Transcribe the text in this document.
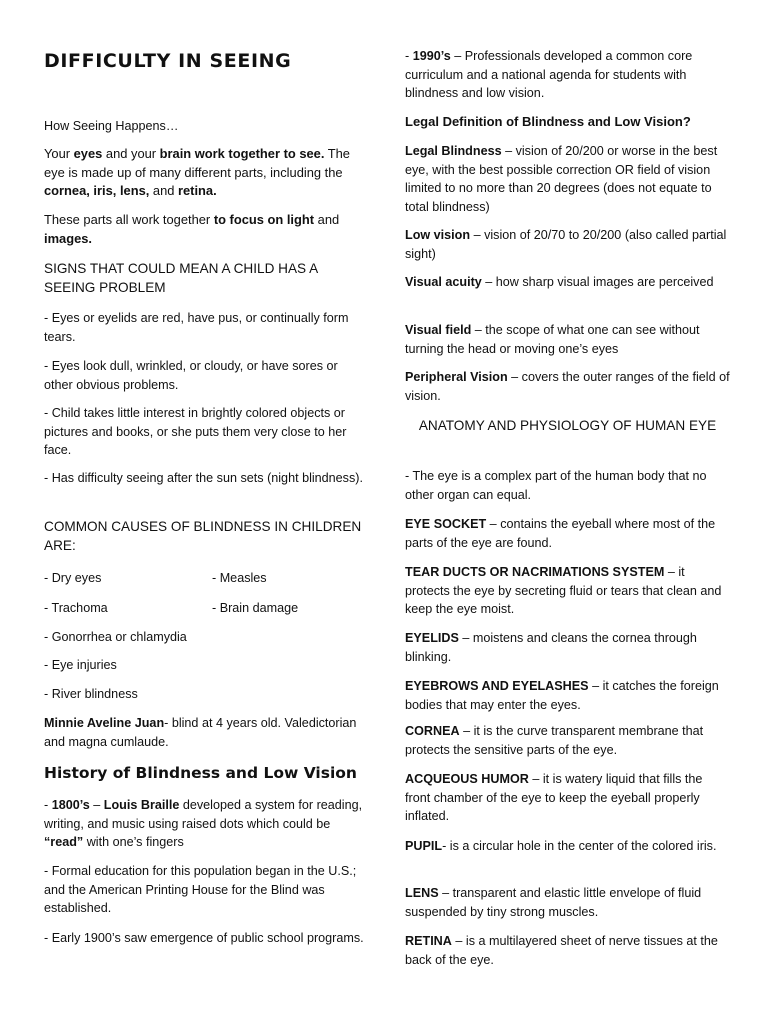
DIFFICULTY IN SEEING

How Seeing Happens…

Your eyes and your brain work together to see. The eye is made up of many different parts, including the cornea, iris, lens, and retina.

These parts all work together to focus on light and images.

SIGNS THAT COULD MEAN A CHILD HAS A SEEING PROBLEM

- Eyes or eyelids are red, have pus, or continually form tears.

- Eyes look dull, wrinkled, or cloudy, or have sores or other obvious problems.

- Child takes little interest in brightly colored objects or pictures and books, or she puts them very close to her face.

- Has difficulty seeing after the sun sets (night blindness).

COMMON CAUSES OF BLINDNESS IN CHILDREN ARE:

- Dry eyes	- Measles
- Trachoma	- Brain damage

- Gonorrhea or chlamydia

- Eye injuries

- River blindness

Minnie Aveline Juan- blind at 4 years old. Valedictorian and magna cumlaude.

History of Blindness and Low Vision

- 1800’s – Louis Braille developed a system for reading, writing, and music using raised dots which could be “read” with one’s fingers

- Formal education for this population began in the U.S.; and the American Printing House for the Blind was established.

- Early 1900’s saw emergence of public school programs.

- 1990’s – Professionals developed a common core curriculum and a national agenda for students with blindness and low vision.

Legal Definition of Blindness and Low Vision?

Legal Blindness – vision of 20/200 or worse in the best eye, with the best possible correction OR field of vision limited to no more than 20 degrees (does not equate to total blindness)

Low vision – vision of 20/70 to 20/200 (also called partial sight)

Visual acuity – how sharp visual images are perceived

Visual field – the scope of what one can see without turning the head or moving one’s eyes

Peripheral Vision – covers the outer ranges of the field of vision.

ANATOMY AND PHYSIOLOGY OF HUMAN EYE

- The eye is a complex part of the human body that no other organ can equal.

EYE SOCKET – contains the eyeball where most of the parts of the eye are found.

TEAR DUCTS OR NACRIMATIONS SYSTEM – it protects the eye by secreting fluid or tears that clean and keep the eye moist.

EYELIDS – moistens and cleans the cornea through blinking.

EYEBROWS AND EYELASHES – it catches the foreign bodies that may enter the eyes.

CORNEA – it is the curve transparent membrane that protects the sensitive parts of the eye.

ACQUEOUS HUMOR – it is watery liquid that fills the front chamber of the eye to keep the eyeball properly inflated.

PUPIL- is a circular hole in the center of the colored iris.

LENS – transparent and elastic little envelope of fluid suspended by tiny strong muscles.

RETINA – is a multilayered sheet of nerve tissues at the back of the eye.
